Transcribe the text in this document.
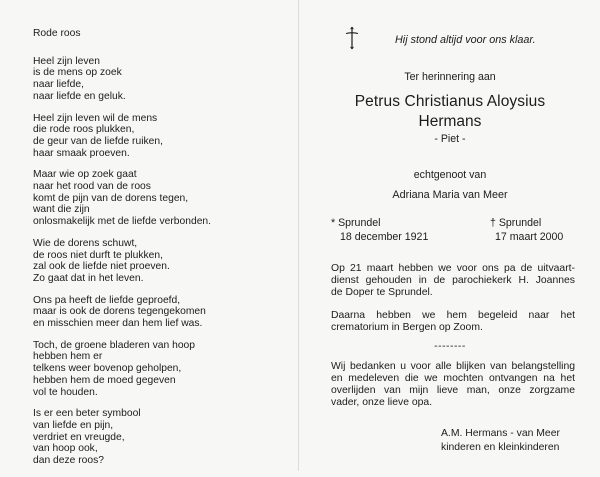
Rode roos
Heel zijn leven
is de mens op zoek
naar liefde,
naar liefde en geluk.
Heel zijn leven wil de mens
die rode roos plukken,
de geur van de liefde ruiken,
haar smaak proeven.
Maar wie op zoek gaat
naar het rood van de roos
komt de pijn van de dorens tegen,
want die zijn
onlosmakelijk met de liefde verbonden.
Wie de dorens schuwt,
de roos niet durft te plukken,
zal ook de liefde niet proeven.
Zo gaat dat in het leven.
Ons pa heeft de liefde geproefd,
maar is ook de dorens tegengekomen
en misschien meer dan hem lief was.
Toch, de groene bladeren van hoop
hebben hem er
telkens weer bovenop geholpen,
hebben hem de moed gegeven
vol te houden.
Is er een beter symbool
van liefde en pijn,
verdriet en vreugde,
van hoop ook,
dan deze roos?
Hij stond altijd voor ons klaar.
Ter herinnering aan
Petrus Christianus Aloysius
Hermans
- Piet -
echtgenoot van
Adriana Maria van Meer
* Sprundel
18 december 1921
† Sprundel
17 maart 2000
Op 21 maart hebben we voor ons pa de uitvaart-
dienst gehouden in de parochiekerk H. Joannes
de Doper te Sprundel.
Daarna hebben we hem begeleid naar het
crematorium in Bergen op Zoom.
--------
Wij bedanken u voor alle blijken van belangstelling
en medeleven die we mochten ontvangen na het
overlijden van mijn lieve man, onze zorgzame
vader, onze lieve opa.
A.M. Hermans - van Meer
kinderen en kleinkinderen
